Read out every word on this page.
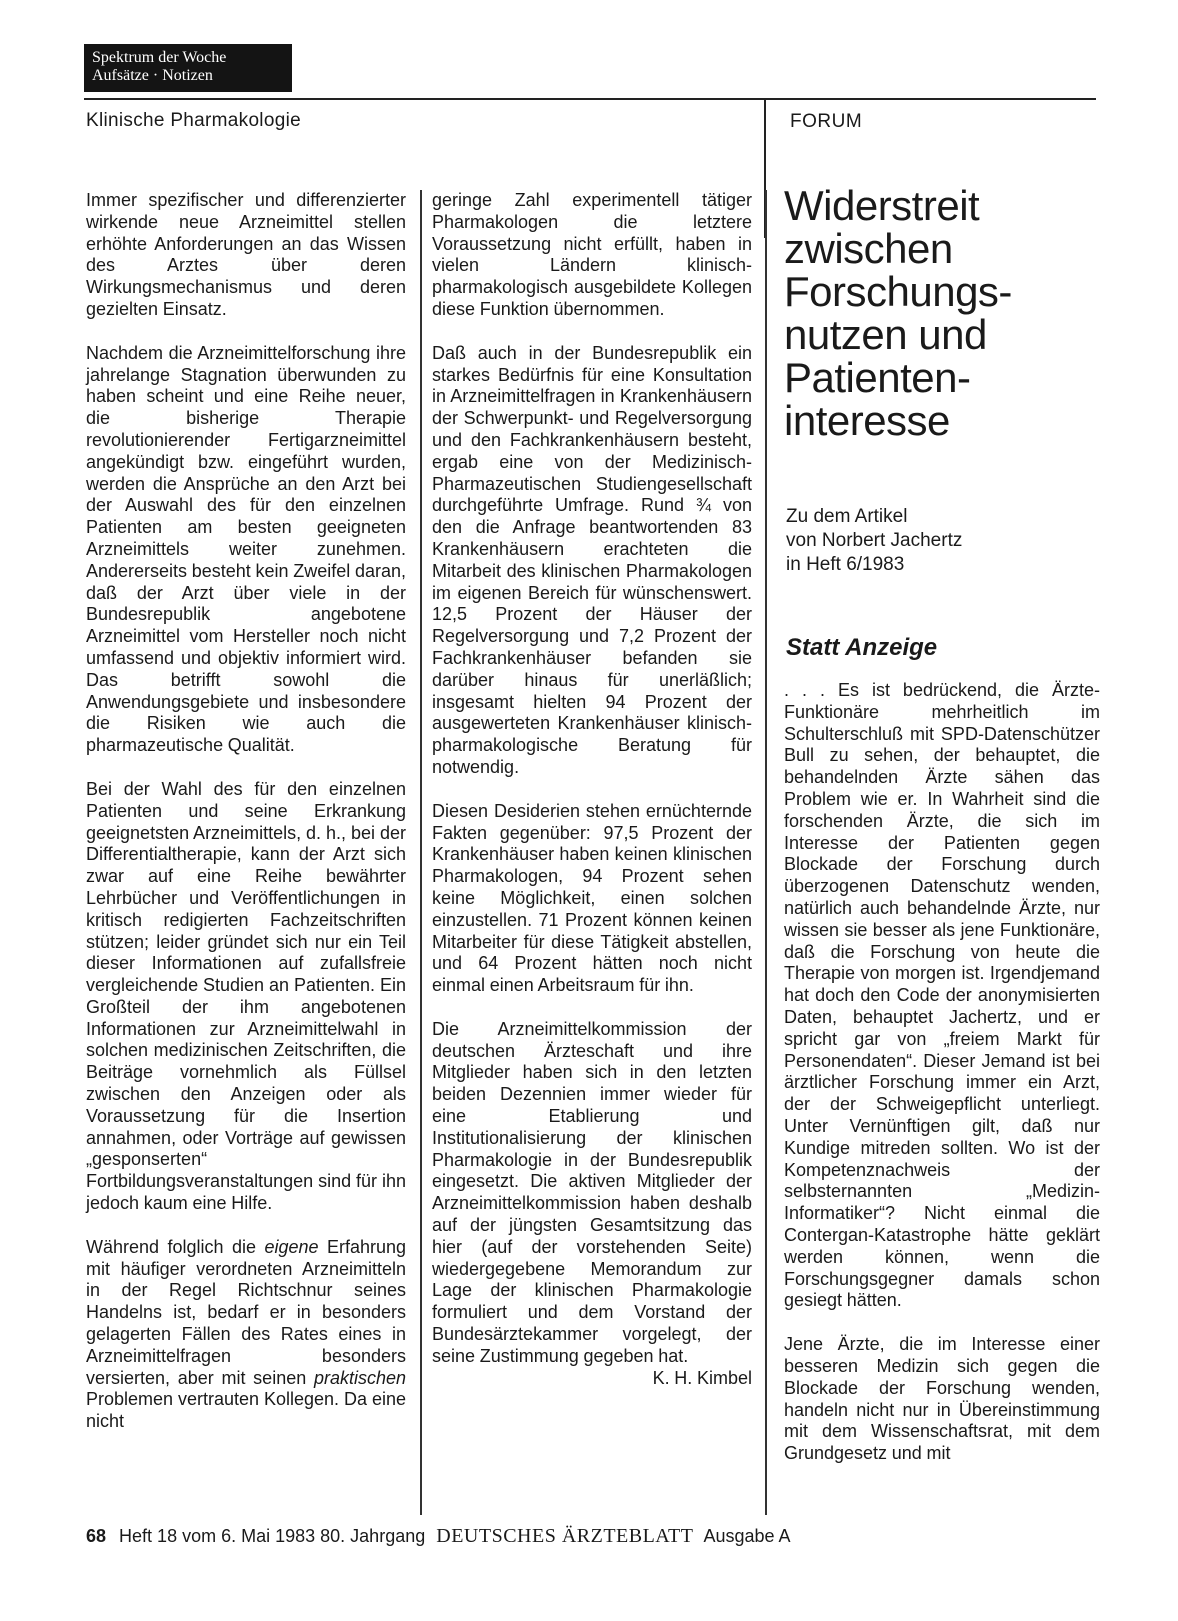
Spektrum der Woche
Aufsätze · Notizen
Klinische Pharmakologie	FORUM

Immer spezifischer und differenzierter wirkende neue Arzneimittel stellen erhöhte Anforderungen an das Wissen des Arztes über deren Wirkungsmechanismus und deren gezielten Einsatz.

Nachdem die Arzneimittelforschung ihre jahrelange Stagnation überwunden zu haben scheint und eine Reihe neuer, die bisherige Therapie revolutionierender Fertigarzneimittel angekündigt bzw. eingeführt wurden, werden die Ansprüche an den Arzt bei der Auswahl des für den einzelnen Patienten am besten geeigneten Arzneimittels weiter zunehmen. Andererseits besteht kein Zweifel daran, daß der Arzt über viele in der Bundesrepublik angebotene Arzneimittel vom Hersteller noch nicht umfassend und objektiv informiert wird. Das betrifft sowohl die Anwendungsgebiete und insbesondere die Risiken wie auch die pharmazeutische Qualität.

Bei der Wahl des für den einzelnen Patienten und seine Erkrankung geeignetsten Arzneimittels, d. h., bei der Differentialtherapie, kann der Arzt sich zwar auf eine Reihe bewährter Lehrbücher und Veröffentlichungen in kritisch redigierten Fachzeitschriften stützen; leider gründet sich nur ein Teil dieser Informationen auf zufallsfreie vergleichende Studien an Patienten. Ein Großteil der ihm angebotenen Informationen zur Arzneimittelwahl in solchen medizinischen Zeitschriften, die Beiträge vornehmlich als Füllsel zwischen den Anzeigen oder als Voraussetzung für die Insertion annahmen, oder Vorträge auf gewissen „gesponserten“ Fortbildungsveranstaltungen sind für ihn jedoch kaum eine Hilfe.

Während folglich die eigene Erfahrung mit häufiger verordneten Arzneimitteln in der Regel Richtschnur seines Handelns ist, bedarf er in besonders gelagerten Fällen des Rates eines in Arzneimittelfragen besonders versierten, aber mit seinen praktischen Problemen vertrauten Kollegen. Da eine nicht

geringe Zahl experimentell tätiger Pharmakologen die letztere Voraussetzung nicht erfüllt, haben in vielen Ländern klinisch-pharmakologisch ausgebildete Kollegen diese Funktion übernommen.

Daß auch in der Bundesrepublik ein starkes Bedürfnis für eine Konsultation in Arzneimittelfragen in Krankenhäusern der Schwerpunkt- und Regelversorgung und den Fachkrankenhäusern besteht, ergab eine von der Medizinisch-Pharmazeutischen Studiengesellschaft durchgeführte Umfrage. Rund ¾ von den die Anfrage beantwortenden 83 Krankenhäusern erachteten die Mitarbeit des klinischen Pharmakologen im eigenen Bereich für wünschenswert. 12,5 Prozent der Häuser der Regelversorgung und 7,2 Prozent der Fachkrankenhäuser befanden sie darüber hinaus für unerläßlich; insgesamt hielten 94 Prozent der ausgewerteten Krankenhäuser klinisch-pharmakologische Beratung für notwendig.

Diesen Desiderien stehen ernüchternde Fakten gegenüber: 97,5 Prozent der Krankenhäuser haben keinen klinischen Pharmakologen, 94 Prozent sehen keine Möglichkeit, einen solchen einzustellen. 71 Prozent können keinen Mitarbeiter für diese Tätigkeit abstellen, und 64 Prozent hätten noch nicht einmal einen Arbeitsraum für ihn.

Die Arzneimittelkommission der deutschen Ärzteschaft und ihre Mitglieder haben sich in den letzten beiden Dezennien immer wieder für eine Etablierung und Institutionalisierung der klinischen Pharmakologie in der Bundesrepublik eingesetzt. Die aktiven Mitglieder der Arzneimittelkommission haben deshalb auf der jüngsten Gesamtsitzung das hier (auf der vorstehenden Seite) wiedergegebene Memorandum zur Lage der klinischen Pharmakologie formuliert und dem Vorstand der Bundesärztekammer vorgelegt, der seine Zustimmung gegeben hat.
K. H. Kimbel

Widerstreit
zwischen
Forschungs-
nutzen und
Patienten-
interesse
Zu dem Artikel
von Norbert Jachertz
in Heft 6/1983
Statt Anzeige

. . . Es ist bedrückend, die Ärzte-Funktionäre mehrheitlich im Schulterschluß mit SPD-Datenschützer Bull zu sehen, der behauptet, die behandelnden Ärzte sähen das Problem wie er. In Wahrheit sind die forschenden Ärzte, die sich im Interesse der Patienten gegen Blockade der Forschung durch überzogenen Datenschutz wenden, natürlich auch behandelnde Ärzte, nur wissen sie besser als jene Funktionäre, daß die Forschung von heute die Therapie von morgen ist. Irgendjemand hat doch den Code der anonymisierten Daten, behauptet Jachertz, und er spricht gar von „freiem Markt für Personendaten“. Dieser Jemand ist bei ärztlicher Forschung immer ein Arzt, der der Schweigepflicht unterliegt. Unter Vernünftigen gilt, daß nur Kundige mitreden sollten. Wo ist der Kompetenznachweis der selbsternannten „Medizin-Informatiker“? Nicht einmal die Contergan-Katastrophe hätte geklärt werden können, wenn die Forschungsgegner damals schon gesiegt hätten.

Jene Ärzte, die im Interesse einer besseren Medizin sich gegen die Blockade der Forschung wenden, handeln nicht nur in Übereinstimmung mit dem Wissenschaftsrat, mit dem Grundgesetz und mit

68 Heft 18 vom 6. Mai 1983 80. Jahrgang DEUTSCHES ÄRZTEBLATT Ausgabe A
